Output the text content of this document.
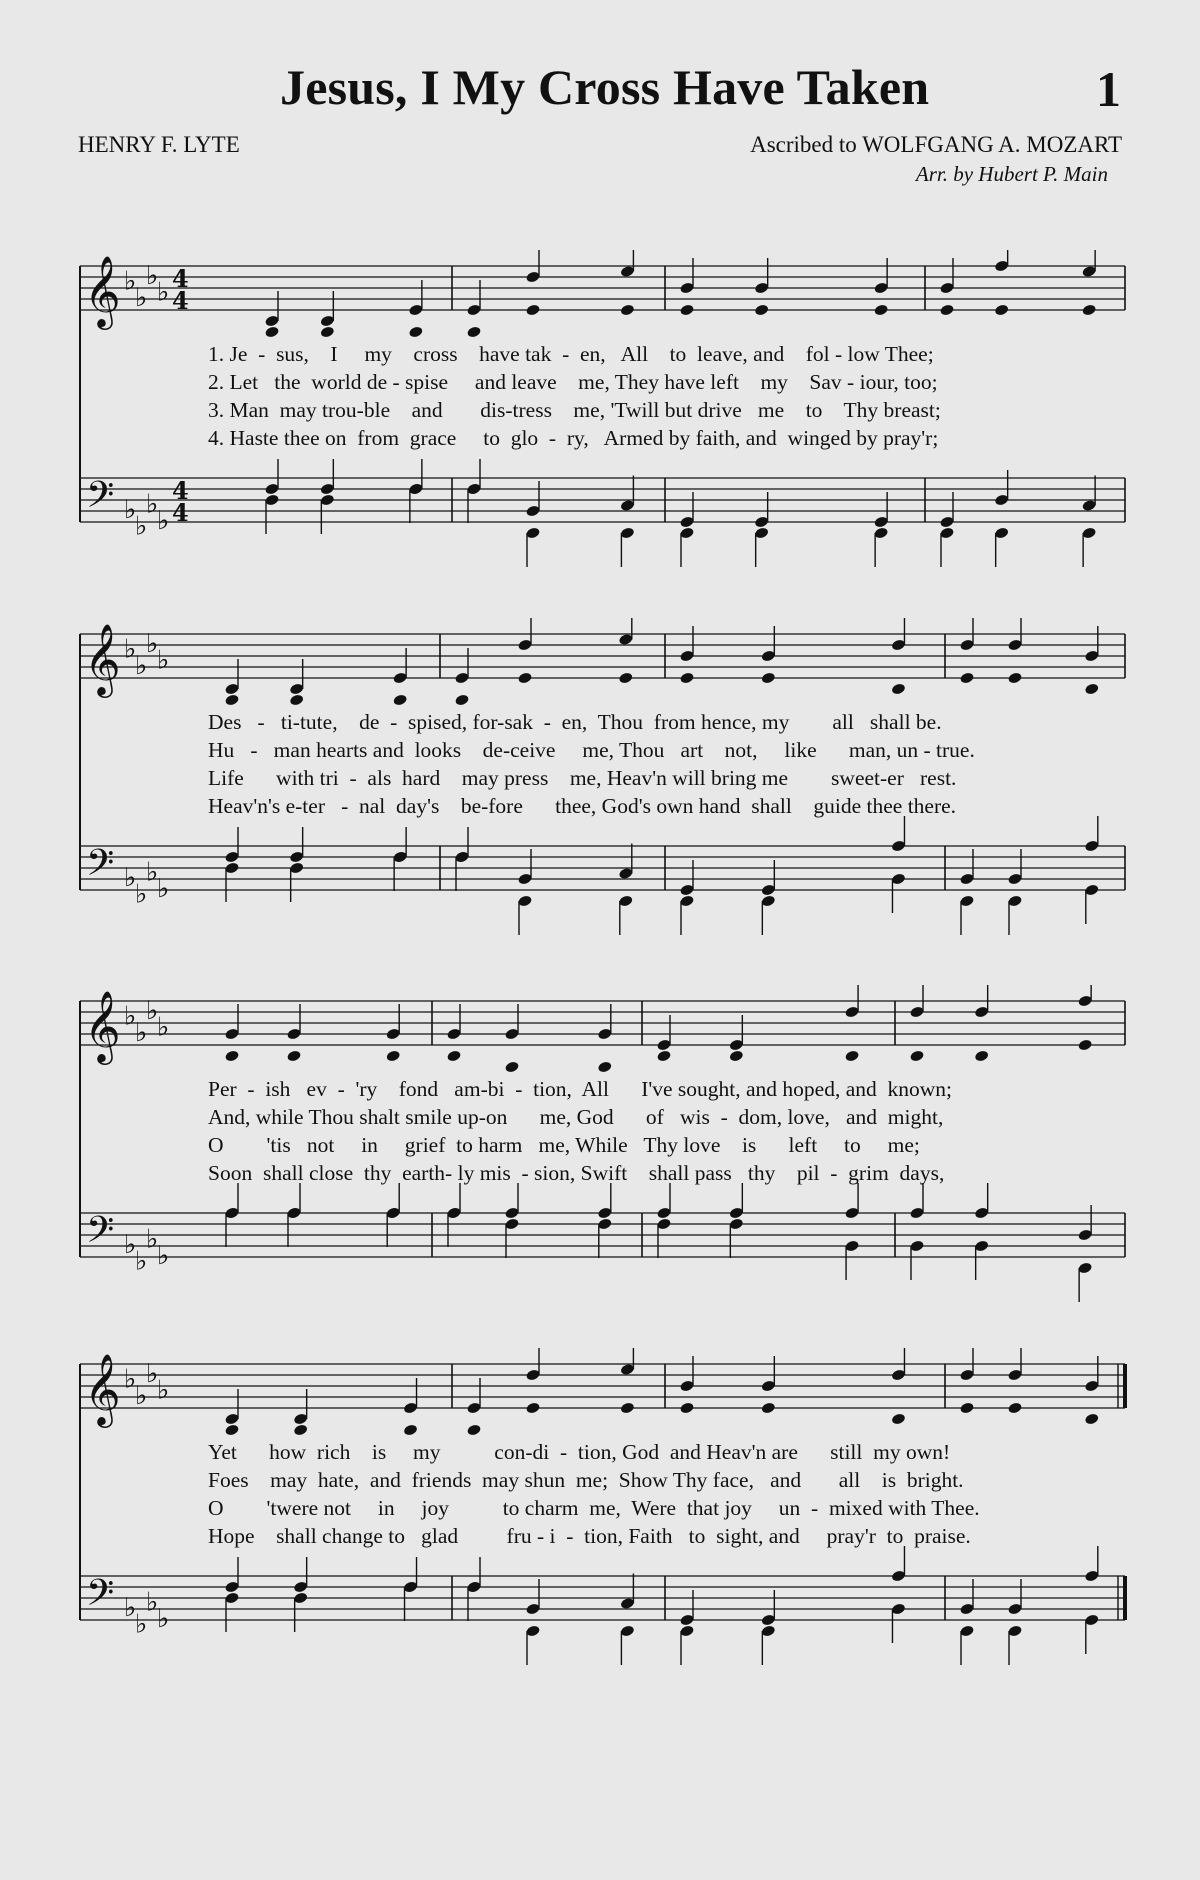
Jesus, I My Cross Have Taken	1
HENRY F. LYTE	Ascribed to WOLFGANG A. MOZART
Arr. by Hubert P. Main
𝄞
𝄢
♭
♭
♭
♭
♭
♭
♭
♭
4
4
4
4
1. Je  -  sus,    I     my    cross    have tak  -  en,   All    to  leave, and    fol - low Thee;
2. Let   the  world de - spise     and leave    me, They have left    my    Sav - iour, too;
3. Man  may trou-ble    and       dis-tress    me, 'Twill but drive   me    to    Thy breast;
4. Haste thee on  from  grace     to  glo  -  ry,   Armed by faith, and  winged by pray'r;
𝄞
𝄢
♭
♭
♭
♭
♭
♭
♭
♭
Des   -   ti-tute,    de  -  spised, for-sak  -  en,  Thou  from hence, my        all   shall be.
Hu   -   man hearts and  looks    de-ceive     me, Thou   art    not,     like      man, un - true.
Life      with tri  -  als  hard    may press    me, Heav'n will bring me        sweet-er   rest.
Heav'n's e-ter   -  nal  day's    be-fore      thee, God's own hand  shall    guide thee there.
𝄞
𝄢
♭
♭
♭
♭
♭
♭
♭
♭
Per  -  ish   ev  -  'ry    fond   am-bi  -  tion,  All      I've sought, and hoped, and  known;
And, while Thou shalt smile up-on      me, God      of   wis  -  dom, love,   and  might,
O        'tis   not     in     grief  to harm   me, While   Thy love    is      left     to     me;
Soon  shall close  thy  earth- ly mis  - sion, Swift    shall pass   thy    pil  -  grim  days,
𝄞
𝄢
♭
♭
♭
♭
♭
♭
♭
♭
Yet      how  rich    is     my          con-di  -  tion, God  and Heav'n are      still  my own!
Foes    may  hate,  and  friends  may shun  me;  Show Thy face,   and       all    is  bright.
O        'twere not     in     joy          to charm  me,  Were  that joy     un  -  mixed with Thee.
Hope    shall change to   glad         fru - i  -  tion, Faith   to  sight, and     pray'r  to  praise.
